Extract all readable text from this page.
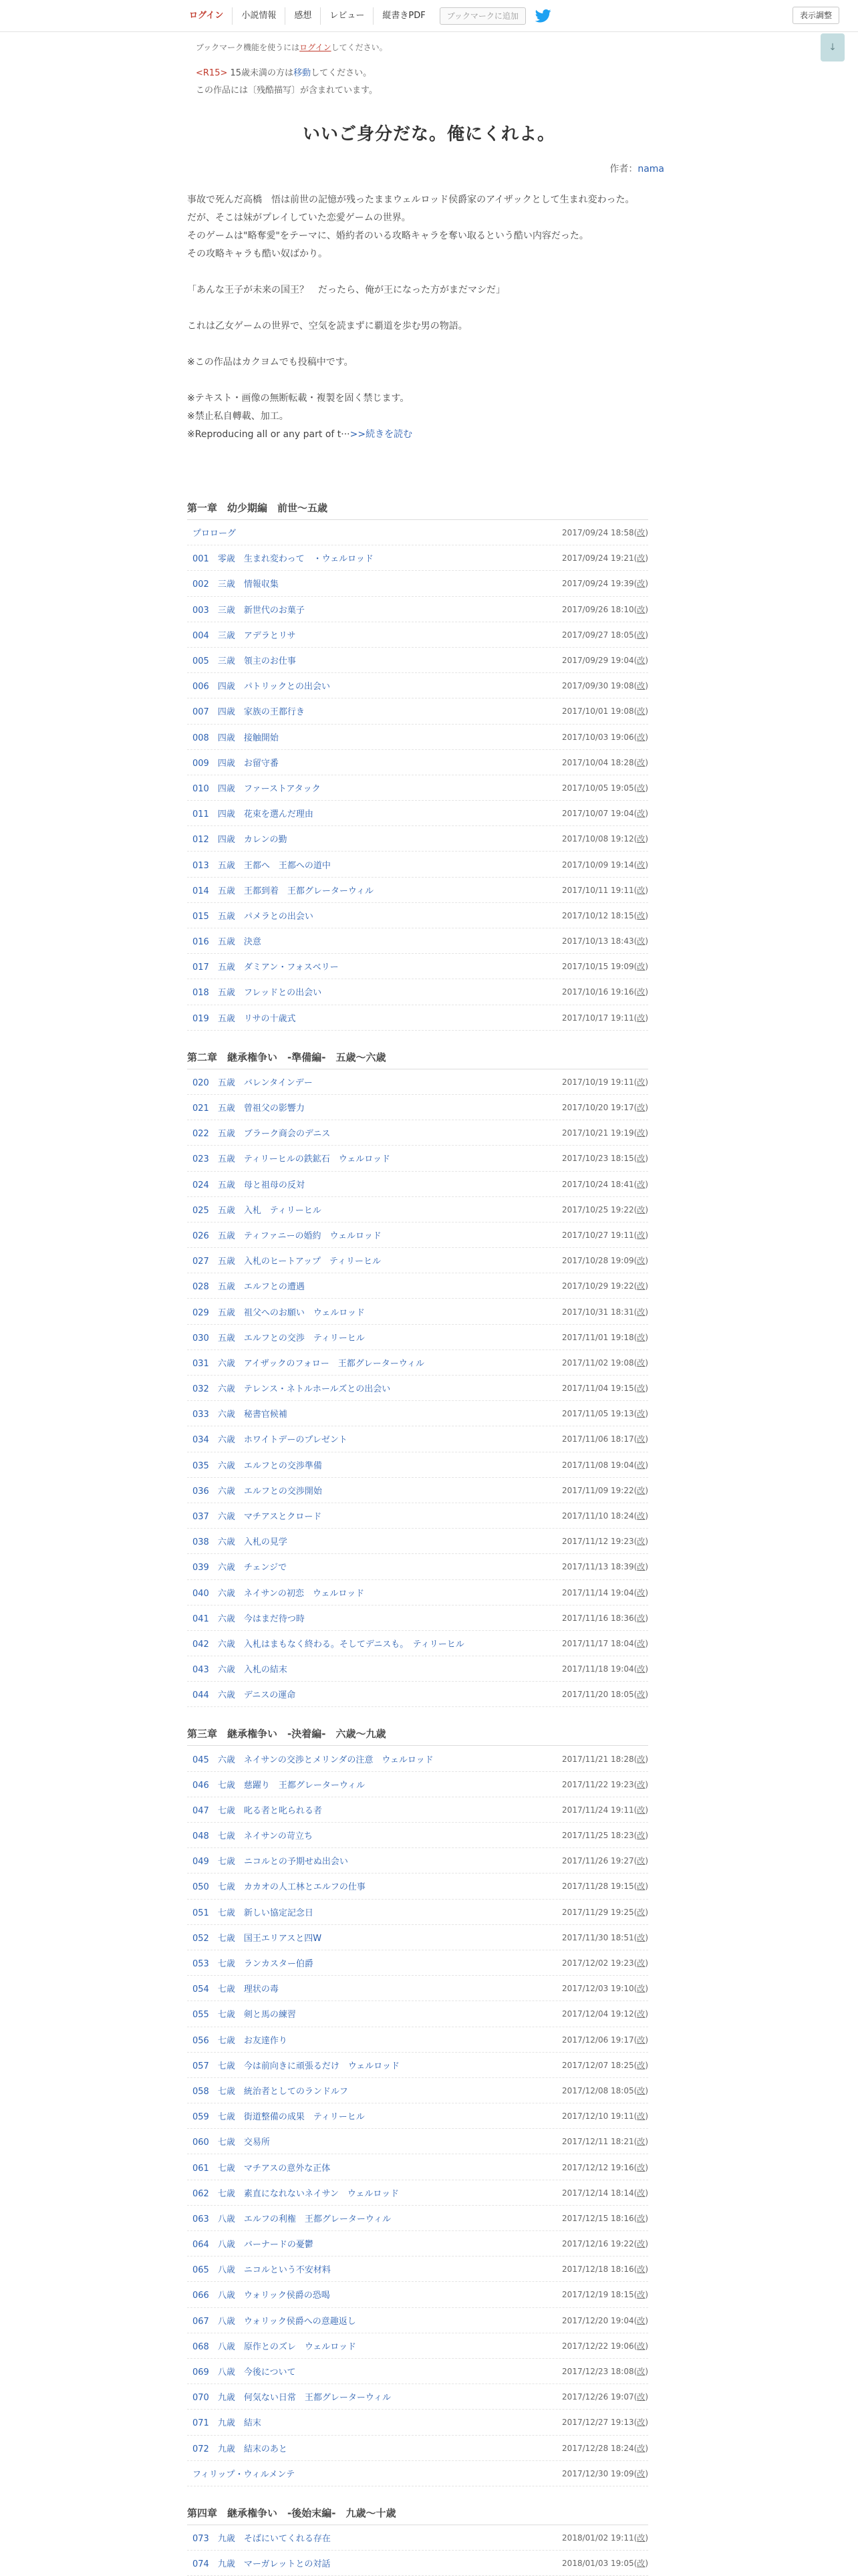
ログイン	小説情報	感想	レビュー	縦書きPDF	ブックマークに追加	表示調整
↓
ブックマーク機能を使うにはログインしてください。
<R15> 15歳未満の方は移動してください。
この作品には〔残酷描写〕が含まれています。
いいご身分だな。俺にくれよ。
作者：nama

事故で死んだ高橋　悟は前世の記憶が残ったままウェルロッド侯爵家のアイザックとして生まれ変わった。
だが、そこは妹がプレイしていた恋愛ゲームの世界。
そのゲームは"略奪愛"をテーマに、婚約者のいる攻略キャラを奪い取るという酷い内容だった。
その攻略キャラも酷い奴ばかり。

「あんな王子が未来の国王？　だったら、俺が王になった方がまだマシだ」

これは乙女ゲームの世界で、空気を読まずに覇道を歩む男の物語。

※この作品はカクヨムでも投稿中です。

※テキスト・画像の無断転載・複製を固く禁じます。
※禁止私自轉載、加工。
※Reproducing all or any part of t···>>続きを読む

第一章　幼少期編　前世〜五歳
プロローグ	2017/09/24 18:58(改)
001　零歳　生まれ変わって　・ウェルロッド	2017/09/24 19:21(改)
002　三歳　情報収集	2017/09/24 19:39(改)
003　三歳　新世代のお菓子	2017/09/26 18:10(改)
004　三歳　アデラとリサ	2017/09/27 18:05(改)
005　三歳　領主のお仕事	2017/09/29 19:04(改)
006　四歳　パトリックとの出会い	2017/09/30 19:08(改)
007　四歳　家族の王都行き	2017/10/01 19:08(改)
008　四歳　接触開始	2017/10/03 19:06(改)
009　四歳　お留守番	2017/10/04 18:28(改)
010　四歳　ファーストアタック	2017/10/05 19:05(改)
011　四歳　花束を選んだ理由	2017/10/07 19:04(改)
012　四歳　カレンの勤	2017/10/08 19:12(改)
013　五歳　王都へ　王都への道中	2017/10/09 19:14(改)
014　五歳　王都到着　王都グレーターウィル	2017/10/11 19:11(改)
015　五歳　パメラとの出会い	2017/10/12 18:15(改)
016　五歳　決意	2017/10/13 18:43(改)
017　五歳　ダミアン・フォスベリー	2017/10/15 19:09(改)
018　五歳　フレッドとの出会い	2017/10/16 19:16(改)
019　五歳　リサの十歳式	2017/10/17 19:11(改)
第二章　継承権争い　-準備編-　五歳〜六歳
020　五歳　バレンタインデー	2017/10/19 19:11(改)
021　五歳　曾祖父の影響力	2017/10/20 19:17(改)
022　五歳　ブラーク商会のデニス	2017/10/21 19:19(改)
023　五歳　ティリーヒルの鉄鉱石　ウェルロッド	2017/10/23 18:15(改)
024　五歳　母と祖母の反対	2017/10/24 18:41(改)
025　五歳　入札　ティリーヒル	2017/10/25 19:22(改)
026　五歳　ティファニーの婚約　ウェルロッド	2017/10/27 19:11(改)
027　五歳　入札のヒートアップ　ティリーヒル	2017/10/28 19:09(改)
028　五歳　エルフとの遭遇	2017/10/29 19:22(改)
029　五歳　祖父へのお願い　ウェルロッド	2017/10/31 18:31(改)
030　五歳　エルフとの交渉　ティリーヒル	2017/11/01 19:18(改)
031　六歳　アイザックのフォロー　王都グレーターウィル	2017/11/02 19:08(改)
032　六歳　テレンス・ネトルホールズとの出会い	2017/11/04 19:15(改)
033　六歳　秘書官候補	2017/11/05 19:13(改)
034　六歳　ホワイトデーのプレゼント	2017/11/06 18:17(改)
035　六歳　エルフとの交渉準備	2017/11/08 19:04(改)
036　六歳　エルフとの交渉開始	2017/11/09 19:22(改)
037　六歳　マチアスとクロード	2017/11/10 18:24(改)
038　六歳　入札の見学	2017/11/12 19:23(改)
039　六歳　チェンジで	2017/11/13 18:39(改)
040　六歳　ネイサンの初恋　ウェルロッド	2017/11/14 19:04(改)
041　六歳　今はまだ待つ時	2017/11/16 18:36(改)
042　六歳　入札はまもなく終わる。そしてデニスも。　ティリーヒル	2017/11/17 18:04(改)
043　六歳　入札の結末	2017/11/18 19:04(改)
044　六歳　デニスの運命	2017/11/20 18:05(改)
第三章　継承権争い　-決着編-　六歳〜九歳
045　六歳　ネイサンの交渉とメリンダの注意　ウェルロッド	2017/11/21 18:28(改)
046　七歳　慈躍り　王都グレーターウィル	2017/11/22 19:23(改)
047　七歳　叱る者と叱られる者	2017/11/24 19:11(改)
048　七歳　ネイサンの苛立ち	2017/11/25 18:23(改)
049　七歳　ニコルとの予期せぬ出会い	2017/11/26 19:27(改)
050　七歳　カカオの人工林とエルフの仕事	2017/11/28 19:15(改)
051　七歳　新しい協定記念日	2017/11/29 19:25(改)
052　七歳　国王エリアスと四W	2017/11/30 18:51(改)
053　七歳　ランカスター伯爵	2017/12/02 19:23(改)
054　七歳　理状の毒	2017/12/03 19:10(改)
055　七歳　剣と馬の練習	2017/12/04 19:12(改)
056　七歳　お友達作り	2017/12/06 19:17(改)
057　七歳　今は前向きに頑張るだけ　ウェルロッド	2017/12/07 18:25(改)
058　七歳　統治者としてのランドルフ	2017/12/08 18:05(改)
059　七歳　街道整備の成果　ティリーヒル	2017/12/10 19:11(改)
060　七歳　交易所	2017/12/11 18:21(改)
061　七歳　マチアスの意外な正体	2017/12/12 19:16(改)
062　七歳　素直になれないネイサン　ウェルロッド	2017/12/14 18:14(改)
063　八歳　エルフの利権　王都グレーターウィル	2017/12/15 18:16(改)
064　八歳　バーナードの憂鬱	2017/12/16 19:22(改)
065　八歳　ニコルという不安材料	2017/12/18 18:16(改)
066　八歳　ウォリック侯爵の恐喝	2017/12/19 18:15(改)
067　八歳　ウォリック侯爵への意趣返し	2017/12/20 19:04(改)
068　八歳　原作とのズレ　ウェルロッド	2017/12/22 19:06(改)
069　八歳　今後について	2017/12/23 18:08(改)
070　九歳　何気ない日常　王都グレーターウィル	2017/12/26 19:07(改)
071　九歳　結末	2017/12/27 19:13(改)
072　九歳　結末のあと	2017/12/28 18:24(改)
フィリップ・ウィルメンテ	2017/12/30 19:09(改)
第四章　継承権争い　-後始末編-　九歳〜十歳
073　九歳　そばにいてくれる存在	2018/01/02 19:11(改)
074　九歳　マーガレットとの対話	2018/01/03 19:05(改)
